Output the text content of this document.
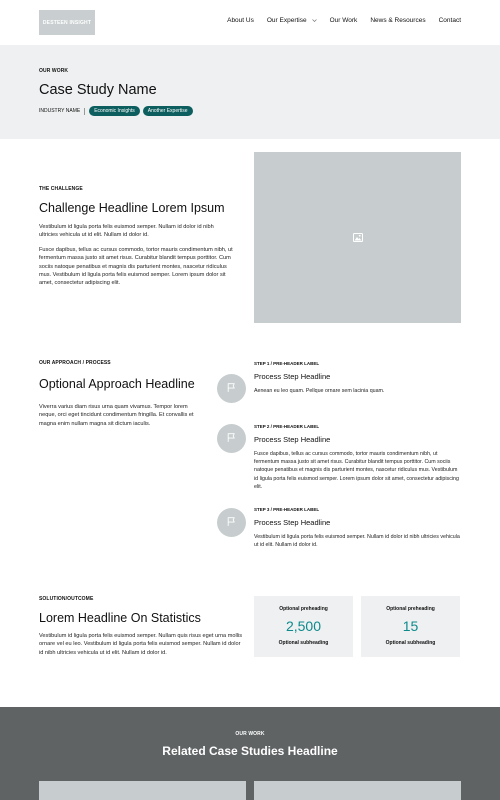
DESTEEN INSIGHT	About Us Our Expertise	Our Work News & Resources Contact
OUR WORK
Case Study Name
INDUSTRY NAME	Economic Insights	Another Expertise
THE CHALLENGE
Challenge Headline Lorem Ipsum

Vestibulum id ligula porta felis euismod semper. Nullam id dolor id nibh ultricies vehicula ut id elit. Nullam id dolor id.

Fusce dapibus, tellus ac cursus commodo, tortor mauris condimentum nibh, ut fermentum massa justo sit amet risus. Curabitur blandit tempus porttitor. Cum sociis natoque penatibus et magnis dis parturient montes, nascetur ridiculus mus. Vestibulum id ligula porta felis euismod semper. Lorem ipsum dolor sit amet, consectetur adipiscing elit.

OUR APPROACH / PROCESS
Optional Approach Headline

Viverra varius diam risus urna quam vivamus. Tempor lorem neque, orci eget tincidunt condimentum fringilla. Et convallis et magna enim nullam magna sit dictum iaculis.

STEP 1 / PRE-HEADER LABEL
Process Step Headline
Aenean eu leo quam. Pellque ornare sem lacinia quam.
STEP 2 / PRE-HEADER LABEL
Process Step Headline
Fusce dapibus, tellus ac cursus commodo, tortor mauris condimentum nibh, ut fermentum massa justo sit amet risus. Curabitur blandit tempus porttitor. Cum sociis natoque penatibus et magnis dis parturient montes, nascetur ridiculus mus. Vestibulum id ligula porta felis euismod semper. Lorem ipsum dolor sit amet, consectetur adipiscing elit.
STEP 3 / PRE-HEADER LABEL
Process Step Headline
Vestibulum id ligula porta felis euismod semper. Nullam id dolor id nibh ultricies vehicula ut id elit. Nullam id dolor id.
SOLUTION/OUTCOME
Lorem Headline On Statistics

Vestibulum id ligula porta felis euismod semper. Nullam quis risus eget urna mollis ornare vel eu leo. Vestibulum id ligula porta felis euismod semper. Nullam id dolor id nibh ultricies vehicula ut id elit. Nullam id dolor id.

Optional preheading
2,500
Optional subheading
Optional preheading
15
Optional subheading
OUR WORK
Related Case Studies Headline
